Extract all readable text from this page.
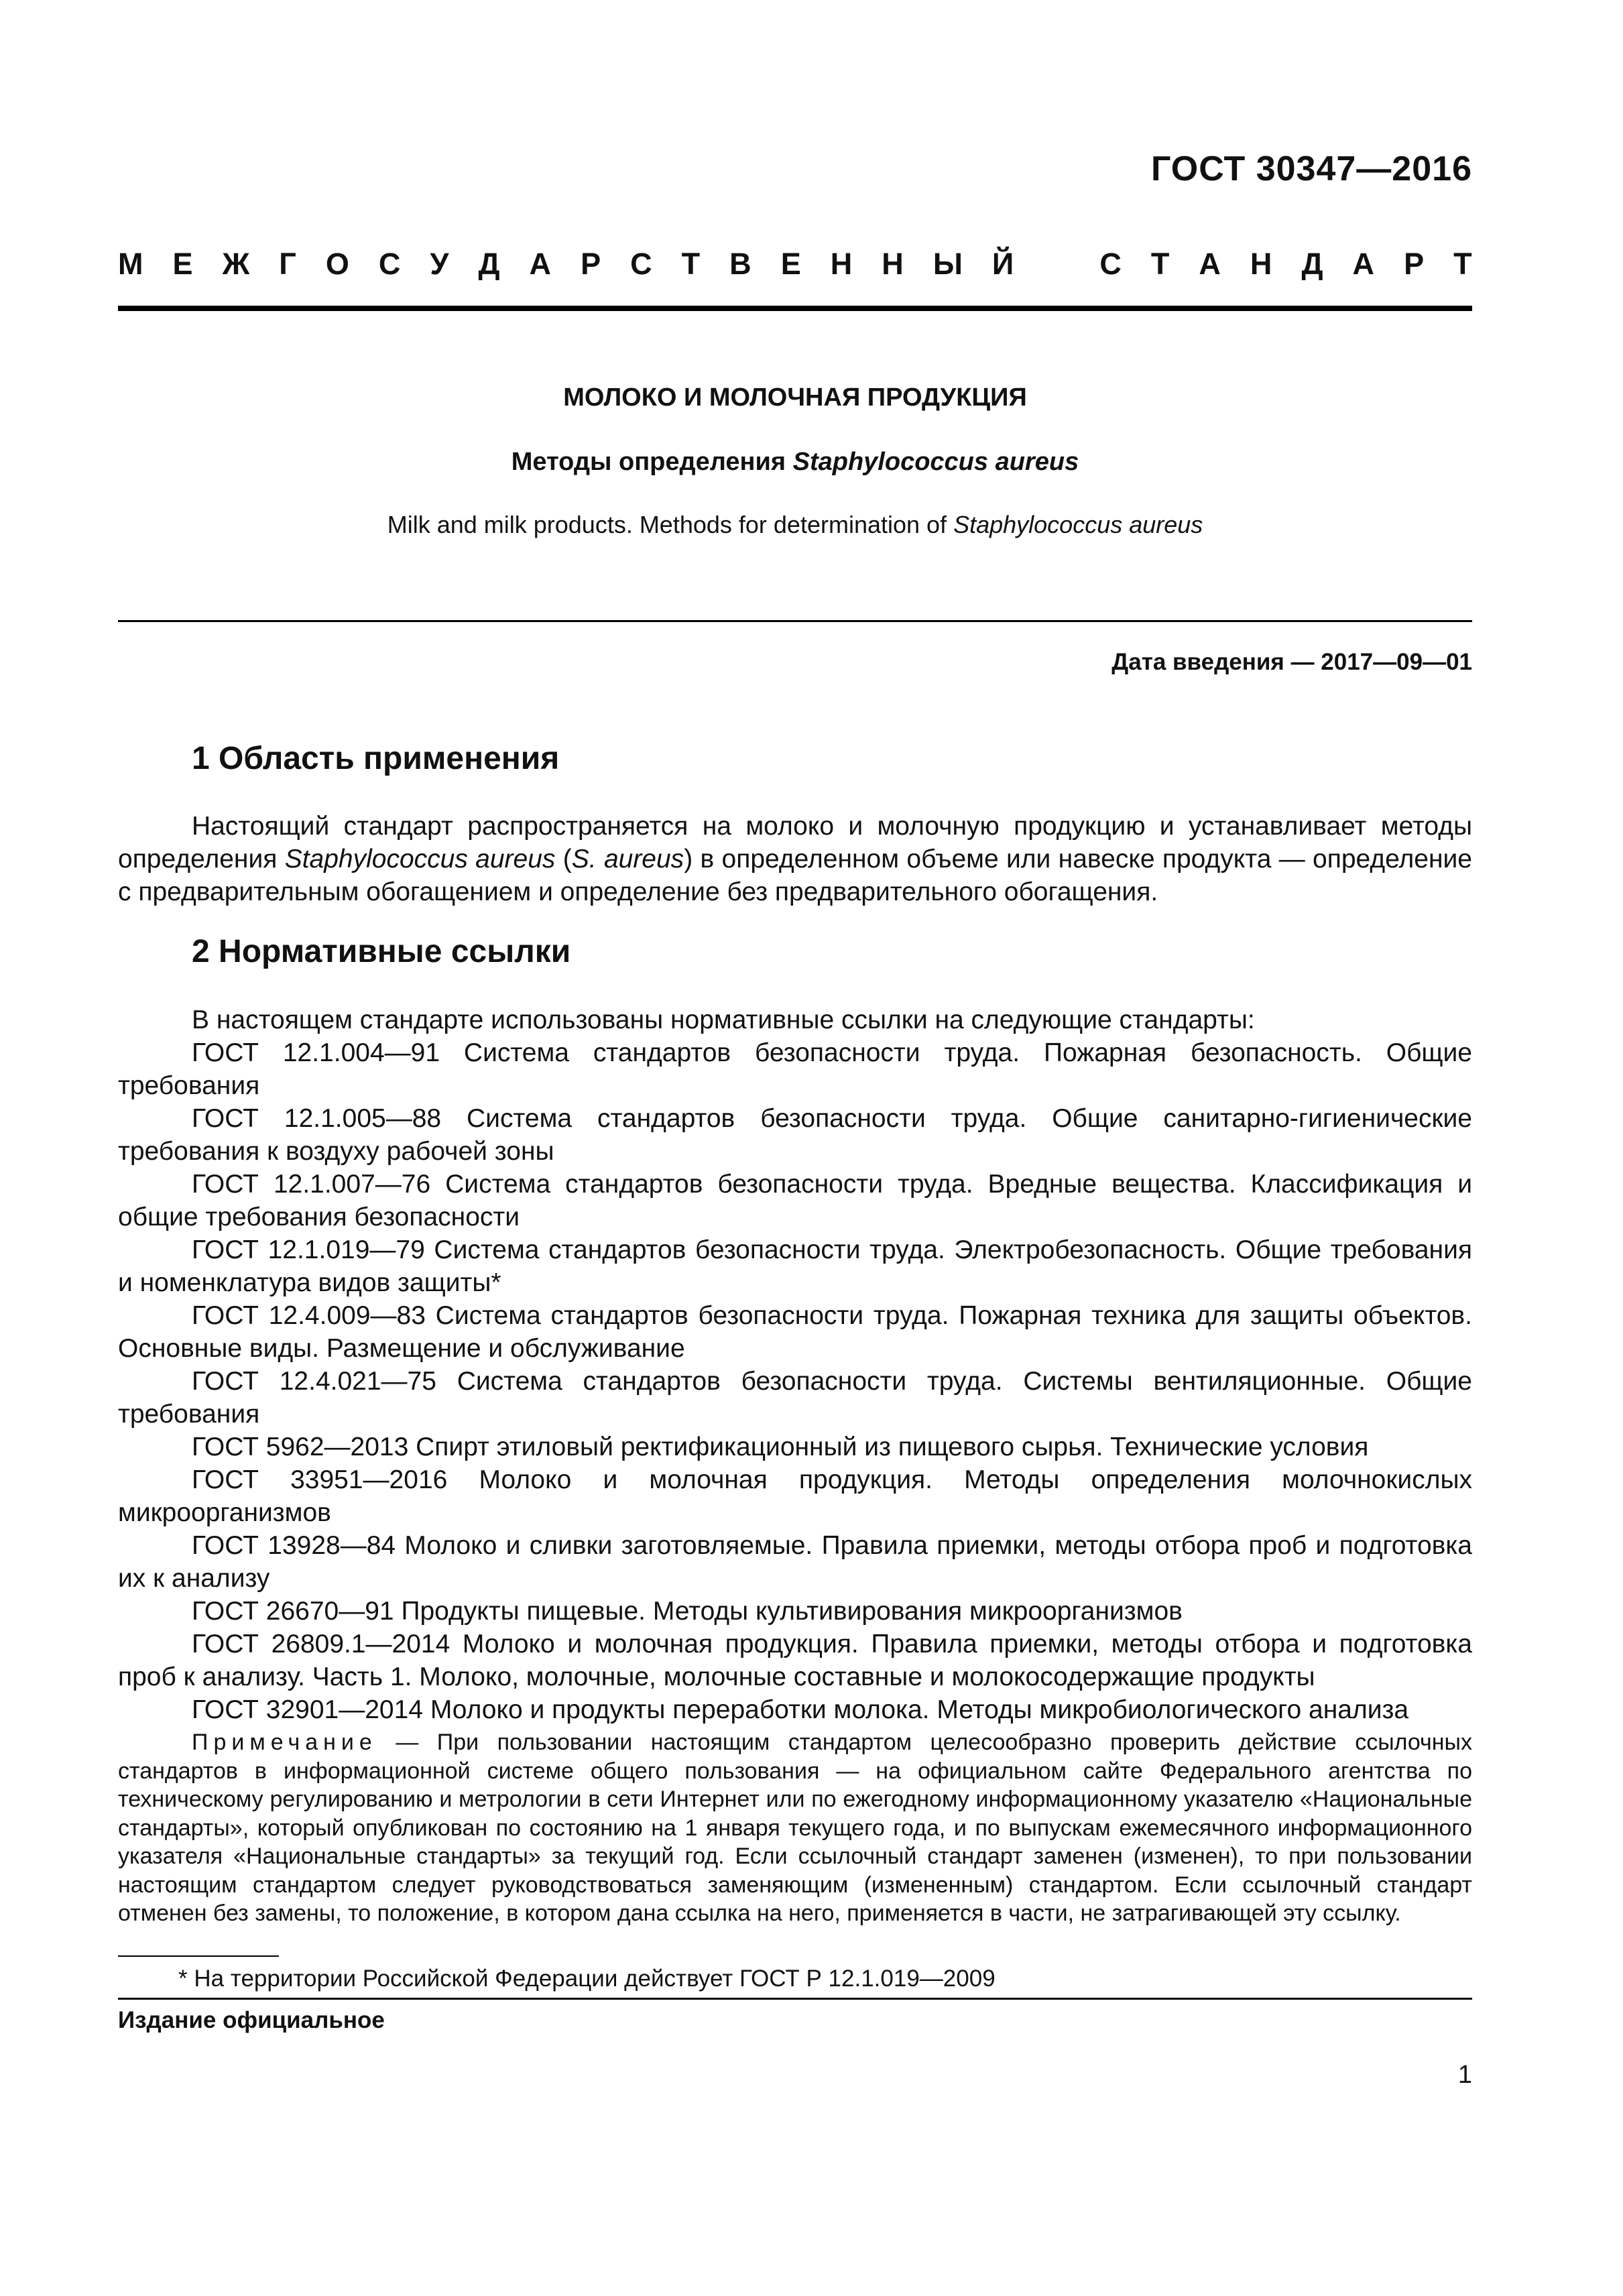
ГОСТ 30347—2016
М Е Ж Г О С У Д А Р С Т В Е Н Н Ы Й	С Т А Н Д А Р Т
МОЛОКО И МОЛОЧНАЯ ПРОДУКЦИЯ
Методы определения Staphylococcus aureus
Milk and milk products. Methods for determination of Staphylococcus aureus
Дата введения — 2017—09—01
1 Область применения

Настоящий стандарт распространяется на молоко и молочную продукцию и устанавливает методы определения Staphylococcus aureus (S. aureus) в определенном объеме или навеске продукта — определение с предварительным обогащением и определение без предварительного обогащения.

2 Нормативные ссылки

В настоящем стандарте использованы нормативные ссылки на следующие стандарты:

ГОСТ 12.1.004—91 Система стандартов безопасности труда. Пожарная безопасность. Общие требования

ГОСТ 12.1.005—88 Система стандартов безопасности труда. Общие санитарно-гигиенические требования к воздуху рабочей зоны

ГОСТ 12.1.007—76 Система стандартов безопасности труда. Вредные вещества. Классификация и общие требования безопасности

ГОСТ 12.1.019—79 Система стандартов безопасности труда. Электробезопасность. Общие требования и номенклатура видов защиты*

ГОСТ 12.4.009—83 Система стандартов безопасности труда. Пожарная техника для защиты объектов. Основные виды. Размещение и обслуживание

ГОСТ 12.4.021—75 Система стандартов безопасности труда. Системы вентиляционные. Общие требования

ГОСТ 5962—2013 Спирт этиловый ректификационный из пищевого сырья. Технические условия

ГОСТ 33951—2016 Молоко и молочная продукция. Методы определения молочнокислых микроорганизмов

ГОСТ 13928—84 Молоко и сливки заготовляемые. Правила приемки, методы отбора проб и подготовка их к анализу

ГОСТ 26670—91 Продукты пищевые. Методы культивирования микроорганизмов

ГОСТ 26809.1—2014 Молоко и молочная продукция. Правила приемки, методы отбора и подготовка проб к анализу. Часть 1. Молоко, молочные, молочные составные и молокосодержащие продукты

ГОСТ 32901—2014 Молоко и продукты переработки молока. Методы микробиологического анализа

Примечание — При пользовании настоящим стандартом целесообразно проверить действие ссылочных стандартов в информационной системе общего пользования — на официальном сайте Федерального агентства по техническому регулированию и метрологии в сети Интернет или по ежегодному информационному указателю «Национальные стандарты», который опубликован по состоянию на 1 января текущего года, и по выпускам ежемесячного информационного указателя «Национальные стандарты» за текущий год. Если ссылочный стандарт заменен (изменен), то при пользовании настоящим стандартом следует руководствоваться заменяющим (измененным) стандартом. Если ссылочный стандарт отменен без замены, то положение, в котором дана ссылка на него, применяется в части, не затрагивающей эту ссылку.
* На территории Российской Федерации действует ГОСТ Р 12.1.019—2009
Издание официальное
1
